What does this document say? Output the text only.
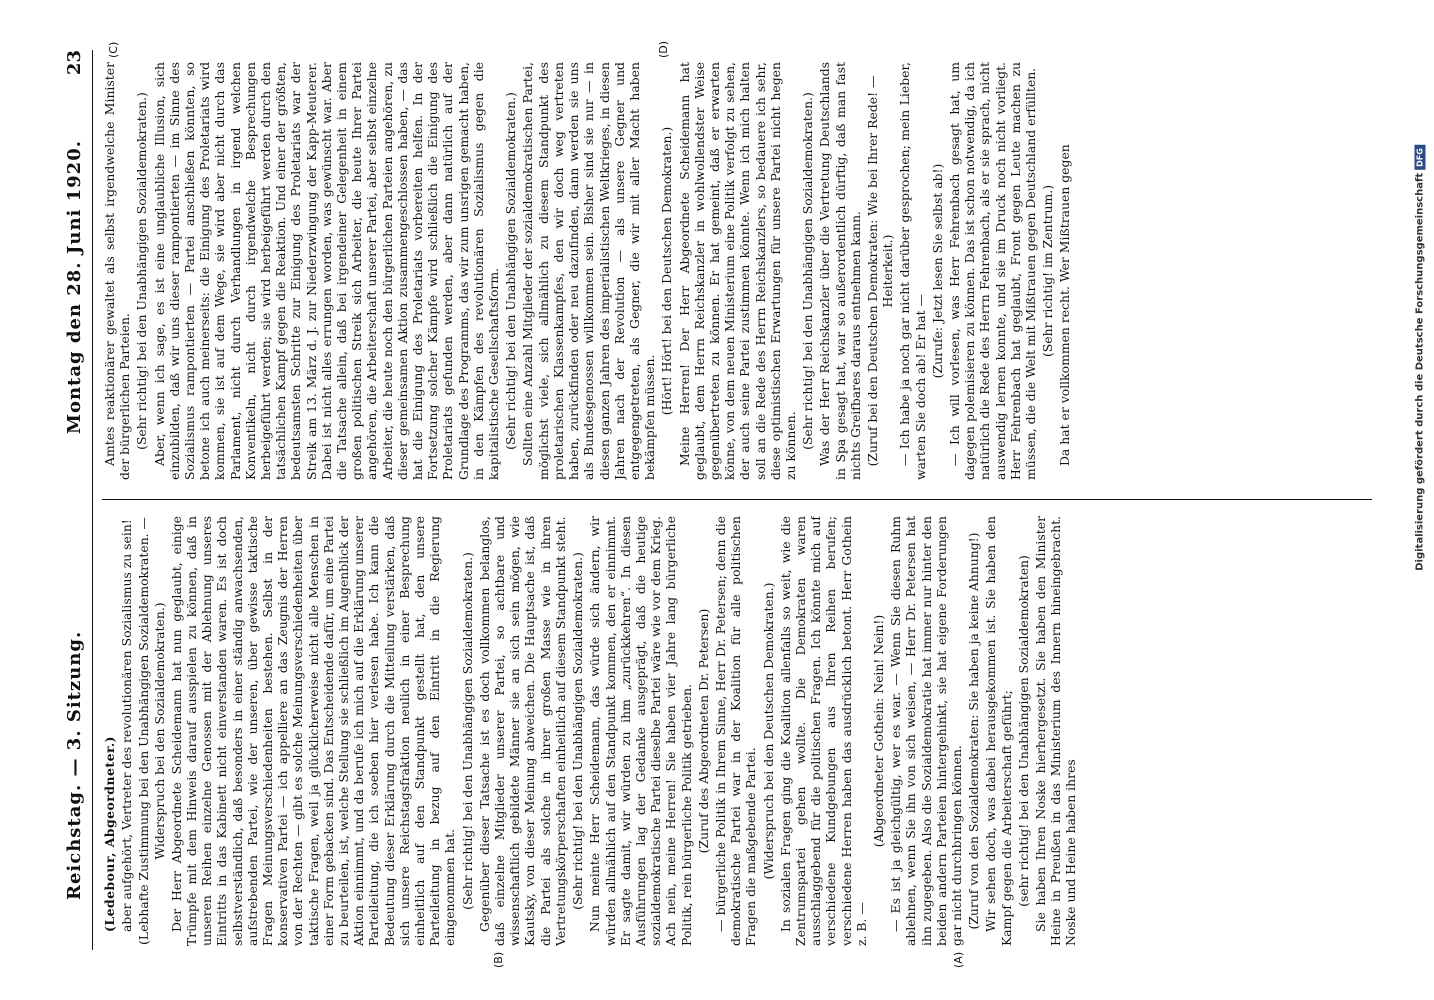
Reichstag. — 3. Sitzung.
Montag den 28. Juni 1920.
23
(A)
(B)
(C)	(D)

(Ledebour, Abgeordneter.) aber aufgehört, Vertreter des revolutionären Sozialismus zu sein! (Lebhafte Zustimmung bei den Unabhängigen Sozialdemokraten. — Widerspruch bei den Sozialdemokraten.) Der Herr Abgeordnete Scheidemann hat nun geglaubt, einige Trümpfe mit dem Hinweis darauf ausspielen zu können, daß in unseren Reihen einzelne Genossen mit der Ablehnung unseres Eintritts in das Kabinett nicht einverstanden waren. Es ist doch selbstverständlich, daß besonders in einer ständig anwachsenden, aufstrebenden Partei, wie der unseren, über gewisse taktische Fragen Meinungsverschiedenheiten bestehen. Selbst in der konservativen Partei — ich appelliere an das Zeugnis der Herren von der Rechten — gibt es solche Meinungsverschiedenheiten über taktische Fragen, weil ja glücklicherweise nicht alle Menschen in einer Form gebacken sind. Das Entscheidende dafür, um eine Partei zu beurteilen, ist, welche Stellung sie schließlich im Augenblick der Aktion einnimmt, und da berufe ich mich auf die Erklärung unserer Parteileitung, die ich soeben hier verlesen habe. Ich kann die Bedeutung dieser Erklärung durch die Mitteilung verstärken, daß sich unsere Reichstagsfraktion neulich in einer Besprechung einheitlich auf den Standpunkt gestellt hat, den unsere Parteileitung in bezug auf den Eintritt in die Regierung eingenommen hat. (Sehr richtig! bei den Unabhängigen Sozialdemokraten.) Gegenüber dieser Tatsache ist es doch vollkommen belanglos, daß einzelne Mitglieder unserer Partei, so achtbare und wissenschaftlich gebildete Männer sie an sich sein mögen, wie Kautsky, von dieser Meinung abweichen. Die Hauptsache ist, daß die Partei als solche in ihrer großen Masse wie in ihren Vertretungskörperschaften einheitlich auf diesem Standpunkt steht. (Sehr richtig! bei den Unabhängigen Sozialdemokraten.) Nun meinte Herr Scheidemann, das würde sich ändern, wir würden allmählich auf den Standpunkt kommen, den er einnimmt. Er sagte damit, wir würden zu ihm „zurückkehren“. In diesen Ausführungen lag der Gedanke ausgeprägt, daß die heutige sozialdemokratische Partei dieselbe Partei wäre wie vor dem Krieg. Ach nein, meine Herren! Sie haben vier Jahre lang bürgerliche Politik, rein bürgerliche Politik getrieben. (Zuruf des Abgeordneten Dr. Petersen) — bürgerliche Politik in Ihrem Sinne, Herr Dr. Petersen; denn die demokratische Partei war in der Koalition für alle politischen Fragen die maßgebende Partei. (Widerspruch bei den Deutschen Demokraten.) In sozialen Fragen ging die Koalition allenfalls so weit, wie die Zentrumspartei gehen wollte. Die Demokraten waren ausschlaggebend für die politischen Fragen. Ich könnte mich auf verschiedene Kundgebungen aus Ihren Reihen berufen; verschiedene Herren haben das ausdrücklich betont. Herr Gothein z. B. —

(Abgeordneter Gothein: Nein! Nein!) — Es ist ja gleichgültig, wer es war. — Wenn Sie diesen Ruhm ablehnen, wenn Sie ihn von sich weisen, — Herr Dr. Petersen hat ihn zugegeben. Also die Sozialdemokratie hat immer nur hinter den beiden andern Parteien hintergehinkt, sie hat eigene Forderungen gar nicht durchbringen können. (Zuruf von den Sozialdemokraten: Sie haben ja keine Ahnung!) Wir sehen doch, was dabei herausgekommen ist. Sie haben den Kampf gegen die Arbeiterschaft geführt; (sehr richtig! bei den Unabhängigen Sozialdemokraten) Sie haben Ihren Noske hierhergesetzt. Sie haben den Minister Heine in Preußen in das Ministerium des Innern hineingebracht. Noske und Heine haben ihres

Amtes reaktionärer gewaltet als selbst irgendwelche Minister der bürgerlichen Parteien. (Sehr richtig! bei den Unabhängigen Sozialdemokraten.) Aber, wenn ich sage, es ist eine unglaubliche Illusion, sich einzubilden, daß wir uns dieser rampontierten — im Sinne des Sozialismus rampontierten — Partei anschließen könnten, so betone ich auch meinerseits: die Einigung des Proletariats wird kommen, sie ist auf dem Wege, sie wird aber nicht durch das Parlament, nicht durch Verhandlungen in irgend welchen Konventikeln, nicht durch irgendwelche Besprechungen herbeigeführt werden; sie wird herbeigeführt werden durch den tatsächlichen Kampf gegen die Reaktion. Und einer der größten, bedeutsamsten Schritte zur Einigung des Proletariats war der Streik am 13. März d. J. zur Niederzwingung der Kapp-Meuterer. Dabei ist nicht alles errungen worden, was gewünscht war. Aber die Tatsache allein, daß bei irgendeiner Gelegenheit in einem großen politischen Streik sich Arbeiter, die heute Ihrer Partei angehören, die Arbeiterschaft unserer Partei, aber selbst einzelne Arbeiter, die heute noch den bürgerlichen Parteien angehören, zu dieser gemeinsamen Aktion zusammengeschlossen haben, — das hat die Einigung des Proletariats vorbereiten helfen. In der Fortsetzung solcher Kämpfe wird schließlich die Einigung des Proletariats gefunden werden, aber dann natürlich auf der Grundlage des Programms, das wir zum unsrigen gemacht haben, in den Kämpfen des revolutionären Sozialismus gegen die kapitalistische Gesellschaftsform. (Sehr richtig! bei den Unabhängigen Sozialdemokraten.) Sollten eine Anzahl Mitglieder der sozialdemokratischen Partei, möglichst viele, sich allmählich zu diesem Standpunkt des proletarischen Klassenkampfes, den wir doch weg vertreten haben, zurückfinden oder neu dazufinden, dann werden sie uns als Bundesgenossen willkommen sein. Bisher sind sie nur — in diesen ganzen Jahren des imperialistischen Weltkrieges, in diesen Jahren nach der Revolution — als unsere Gegner und entgegengetreten, als Gegner, die wir mit aller Macht haben bekämpfen müssen.

(Hört! Hört! bei den Deutschen Demokraten.) Meine Herren! Der Herr Abgeordnete Scheidemann hat geglaubt, dem Herrn Reichskanzler in wohlwollendster Weise gegenübertreten zu können. Er hat gemeint, daß er erwarten könne, von dem neuen Ministerium eine Politik verfolgt zu sehen, der auch seine Partei zustimmen könnte. Wenn ich mich halten soll an die Rede des Herrn Reichskanzlers, so bedauere ich sehr, diese optimistischen Erwartungen für unsere Partei nicht hegen zu können. (Sehr richtig! bei den Unabhängigen Sozialdemokraten.) Was der Herr Reichskanzler über die Vertretung Deutschlands in Spa gesagt hat, war so außerordentlich dürftig, daß man fast nichts Greifbares daraus entnehmen kann. (Zuruf bei den Deutschen Demokraten: Wie bei Ihrer Rede! — Heiterkeit.) — Ich habe ja noch gar nicht darüber gesprochen; mein Lieber, warten Sie doch ab! Er hat —

(Zurufe: Jetzt lesen Sie selbst ab!) — Ich will vorlesen, was Herr Fehrenbach gesagt hat, um dagegen polemisieren zu können. Das ist schon notwendig, da ich natürlich die Rede des Herrn Fehrenbach, als er sie sprach, nicht auswendig lernen konnte, und sie im Druck noch nicht vorliegt. Herr Fehrenbach hat geglaubt, Front gegen Leute machen zu müssen, die die Welt mit Mißtrauen gegen Deutschland erfüllten. (Sehr richtig! im Zentrum.) Da hat er vollkommen recht. Wer Mißtrauen gegen	Digitalisierung gefördert durch die Deutsche ForschungsgemeinschaftDFG
